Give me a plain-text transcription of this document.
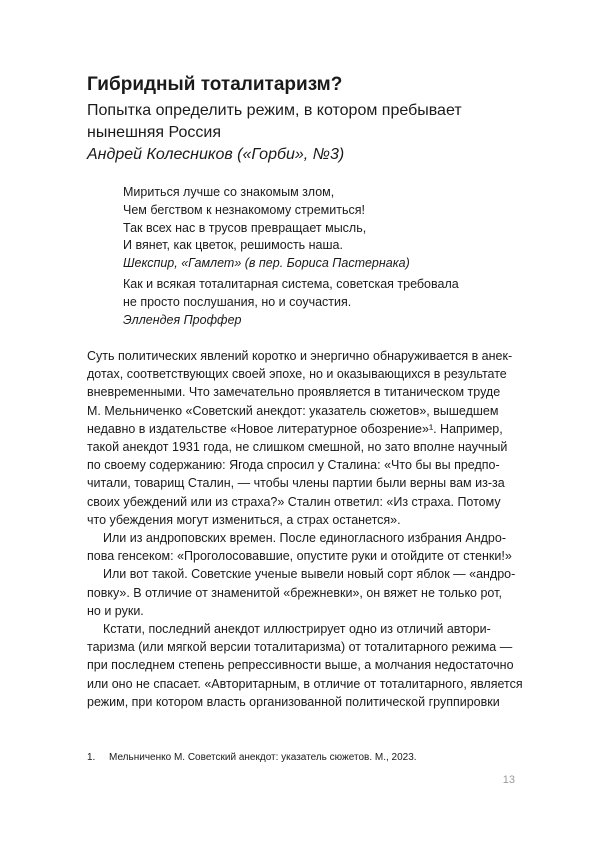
Гибридный тоталитаризм?

Попытка определить режим, в котором пребывает нынешняя Россия

Андрей Колесников («Горби», №3)

Мириться лучше со знакомым злом,
Чем бегством к незнакомому стремиться!
Так всех нас в трусов превращает мысль,
И вянет, как цветок, решимость наша.
Шекспир, «Гамлет» (в пер. Бориса Пастернака)
Как и всякая тоталитарная система, советская требовала
не просто послушания, но и соучастия.
Эллендея Проффер
Суть политических явлений коротко и энергично обнаруживается в анек-
дотах, соответствующих своей эпохе, но и оказывающихся в результате
вневременными. Что замечательно проявляется в титаническом труде
М. Мельниченко «Советский анекдот: указатель сюжетов», вышедшем
недавно в издательстве «Новое литературное обозрение»¹. Например,
такой анекдот 1931 года, не слишком смешной, но зато вполне научный
по своему содержанию: Ягода спросил у Сталина: «Что бы вы предпо-
читали, товарищ Сталин, — чтобы члены партии были верны вам из-за
своих убеждений или из страха?» Сталин ответил: «Из страха. Потому
что убеждения могут измениться, а страх останется».
Или из андроповских времен. После единогласного избрания Андро-
пова генсеком: «Проголосовавшие, опустите руки и отойдите от стенки!»
Или вот такой. Советские ученые вывели новый сорт яблок — «андро-
повку». В отличие от знаменитой «брежневки», он вяжет не только рот,
но и руки.
Кстати, последний анекдот иллюстрирует одно из отличий автори-
таризма (или мягкой версии тоталитаризма) от тоталитарного режима —
при последнем степень репрессивности выше, а молчания недостаточно
или оно не спасает. «Авторитарным, в отличие от тоталитарного, является
режим, при котором власть организованной политической группировки
1. Мельниченко М. Советский анекдот: указатель сюжетов. М., 2023.
13
